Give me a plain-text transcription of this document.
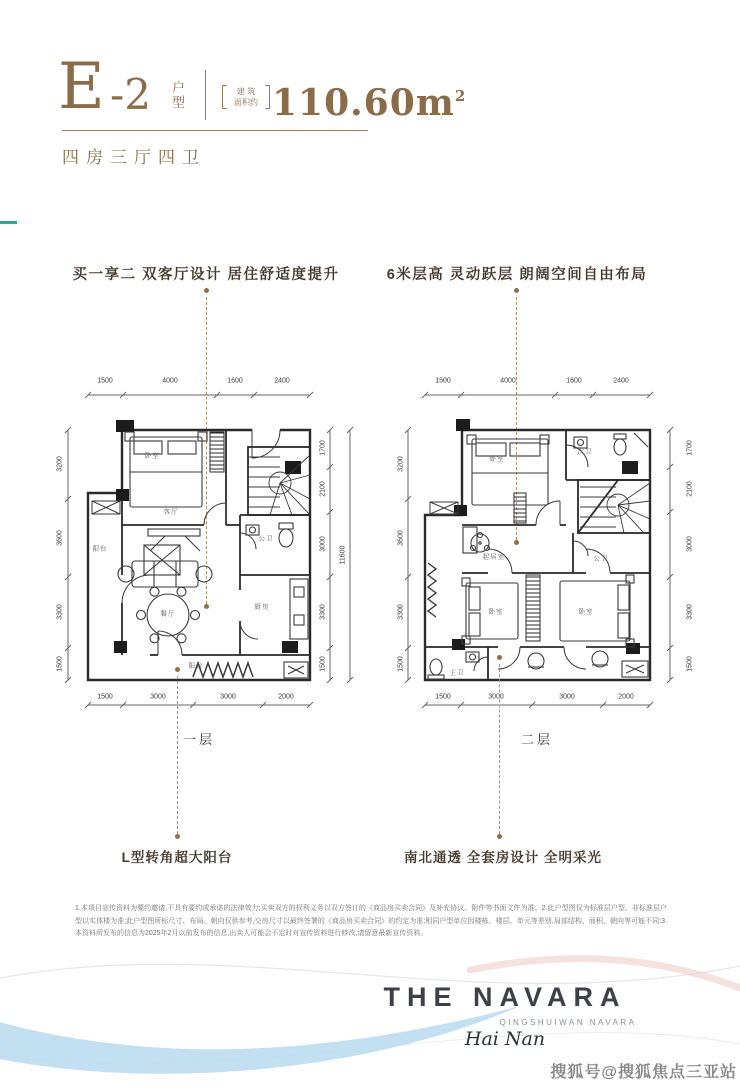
E -2 户型
建 筑
面积约 $110.60m^2$
四房三厅四卫
买一享二 双客厅设计 居住舒适度提升	6米层高 灵动跃层 朗阔空间自由布局
1500	4000	1600	2400
1500	3000	3000	2000
3200
3600
3300
1500
1700
2100
3000
3300
1500
11600
1500	4000	1600	2400
1500	3000	3000	2000
3200
3600
3300
1500
1700
2100
3000
3300
1500
卧室
客厅
阳台
餐厅
厨房
公卫
阳台
卧室
次卫
起居室	公卫
卧室	卧室
主卫
一层	二层
L型转角超大阳台	南北通透 全套房设计 全明采光
1.本项目宣传资料为要约邀请,不具有要约或承诺的法律效力;买卖双方的权利义务以双方签订的《商品房买卖合同》及补充协议、附件等书面文件为准。2.此户型图仅为标准层户型、非标准层户型以实体楼为准;此户型图所标尺寸、布局、朝向仅供参考,交房尺寸以最终签署的《商品房买卖合同》的约定为准;相同户型单位因楼栋、楼层、单元等差别,局部结构、面积、朝向等可能不同;3.本资料所发布的信息为2025年2月以前发布的信息,出卖人可能会不定时对宣传资料进行修改,请留意最新宣传资料。
THE NAVARA
QINGSHUIWAN NAVARA
Hai Nan
搜狐号@搜狐焦点三亚站
